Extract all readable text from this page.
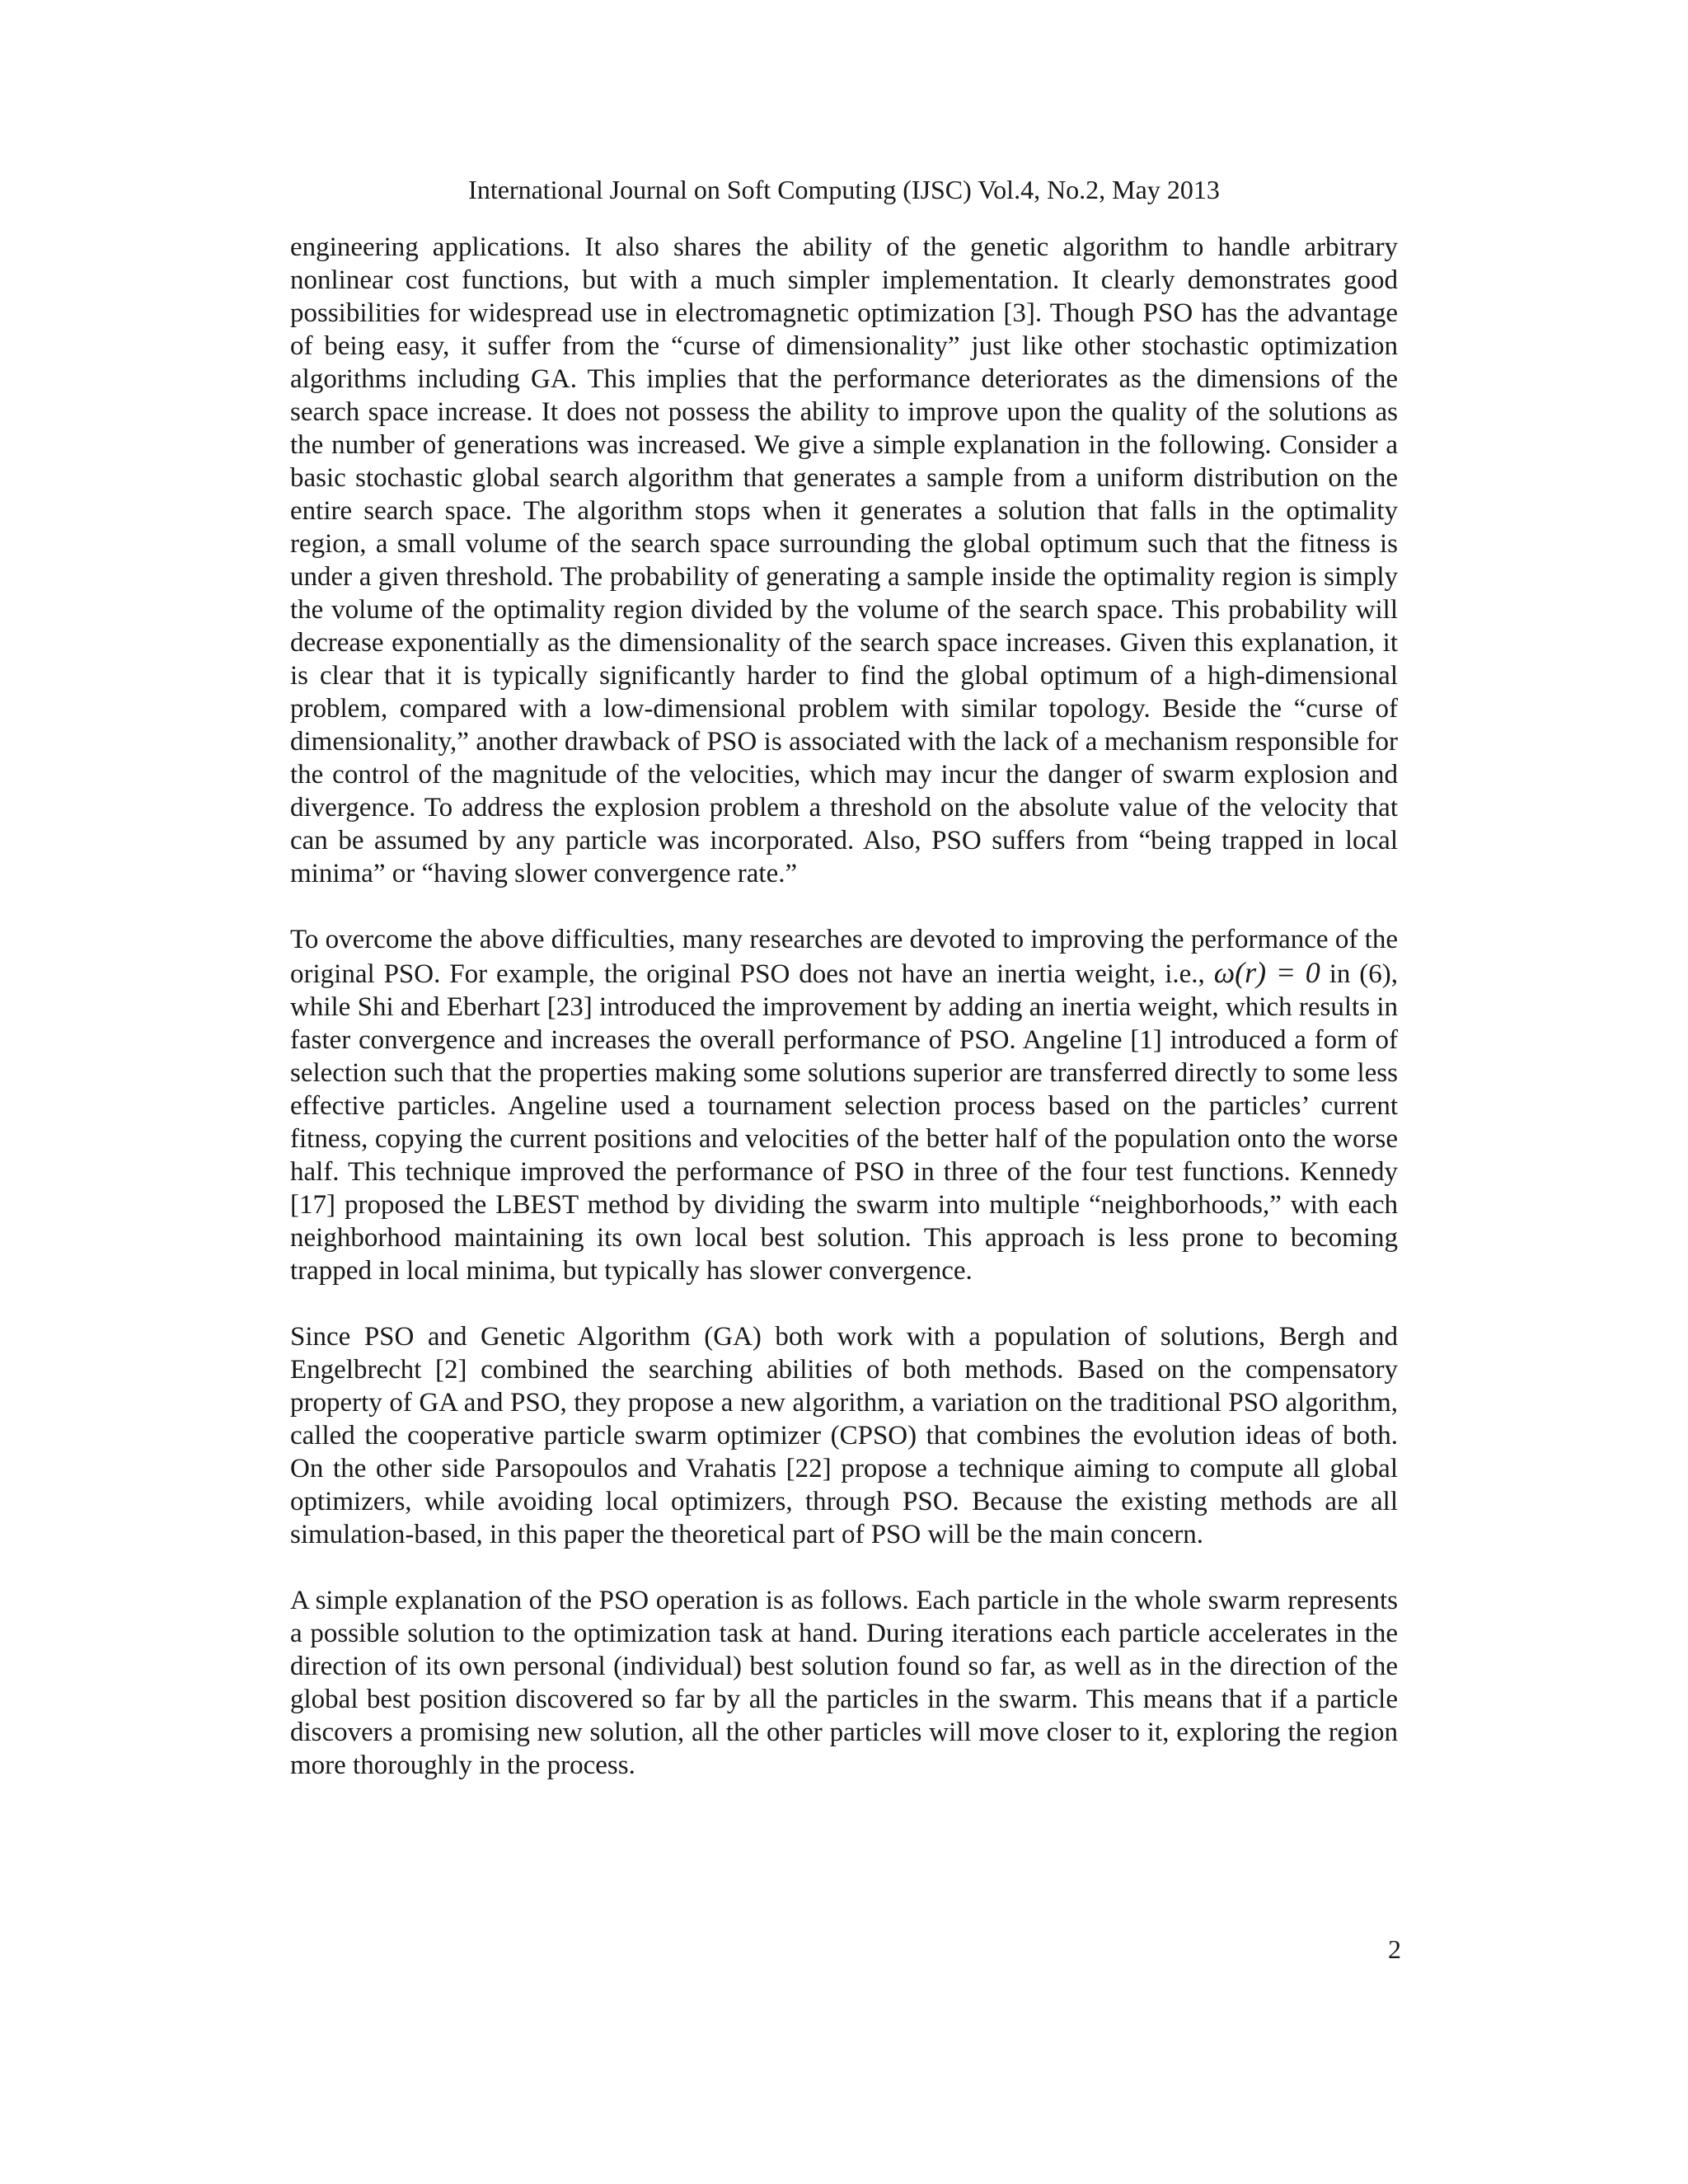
International Journal on Soft Computing (IJSC) Vol.4, No.2, May 2013

engineering applications. It also shares the ability of the genetic algorithm to handle arbitrary nonlinear cost functions, but with a much simpler implementation. It clearly demonstrates good possibilities for widespread use in electromagnetic optimization [3]. Though PSO has the advantage of being easy, it suffer from the “curse of dimensionality” just like other stochastic optimization algorithms including GA. This implies that the performance deteriorates as the dimensions of the search space increase. It does not possess the ability to improve upon the quality of the solutions as the number of generations was increased. We give a simple explanation in the following. Consider a basic stochastic global search algorithm that generates a sample from a uniform distribution on the entire search space. The algorithm stops when it generates a solution that falls in the optimality region, a small volume of the search space surrounding the global optimum such that the fitness is under a given threshold. The probability of generating a sample inside the optimality region is simply the volume of the optimality region divided by the volume of the search space. This probability will decrease exponentially as the dimensionality of the search space increases. Given this explanation, it is clear that it is typically significantly harder to find the global optimum of a high-dimensional problem, compared with a low-dimensional problem with similar topology. Beside the “curse of dimensionality,” another drawback of PSO is associated with the lack of a mechanism responsible for the control of the magnitude of the velocities, which may incur the danger of swarm explosion and divergence. To address the explosion problem a threshold on the absolute value of the velocity that can be assumed by any particle was incorporated. Also, PSO suffers from “being trapped in local minima” or “having slower convergence rate.”

To overcome the above difficulties, many researches are devoted to improving the performance of the original PSO. For example, the original PSO does not have an inertia weight, i.e., ω(r) = 0 in (6), while Shi and Eberhart [23] introduced the improvement by adding an inertia weight, which results in faster convergence and increases the overall performance of PSO. Angeline [1] introduced a form of selection such that the properties making some solutions superior are transferred directly to some less effective particles. Angeline used a tournament selection process based on the particles’ current fitness, copying the current positions and velocities of the better half of the population onto the worse half. This technique improved the performance of PSO in three of the four test functions. Kennedy [17] proposed the LBEST method by dividing the swarm into multiple “neighborhoods,” with each neighborhood maintaining its own local best solution. This approach is less prone to becoming trapped in local minima, but typically has slower convergence.

Since PSO and Genetic Algorithm (GA) both work with a population of solutions, Bergh and Engelbrecht [2] combined the searching abilities of both methods. Based on the compensatory property of GA and PSO, they propose a new algorithm, a variation on the traditional PSO algorithm, called the cooperative particle swarm optimizer (CPSO) that combines the evolution ideas of both. On the other side Parsopoulos and Vrahatis [22] propose a technique aiming to compute all global optimizers, while avoiding local optimizers, through PSO. Because the existing methods are all simulation-based, in this paper the theoretical part of PSO will be the main concern.

A simple explanation of the PSO operation is as follows. Each particle in the whole swarm represents a possible solution to the optimization task at hand. During iterations each particle accelerates in the direction of its own personal (individual) best solution found so far, as well as in the direction of the global best position discovered so far by all the particles in the swarm. This means that if a particle discovers a promising new solution, all the other particles will move closer to it, exploring the region more thoroughly in the process.

2
